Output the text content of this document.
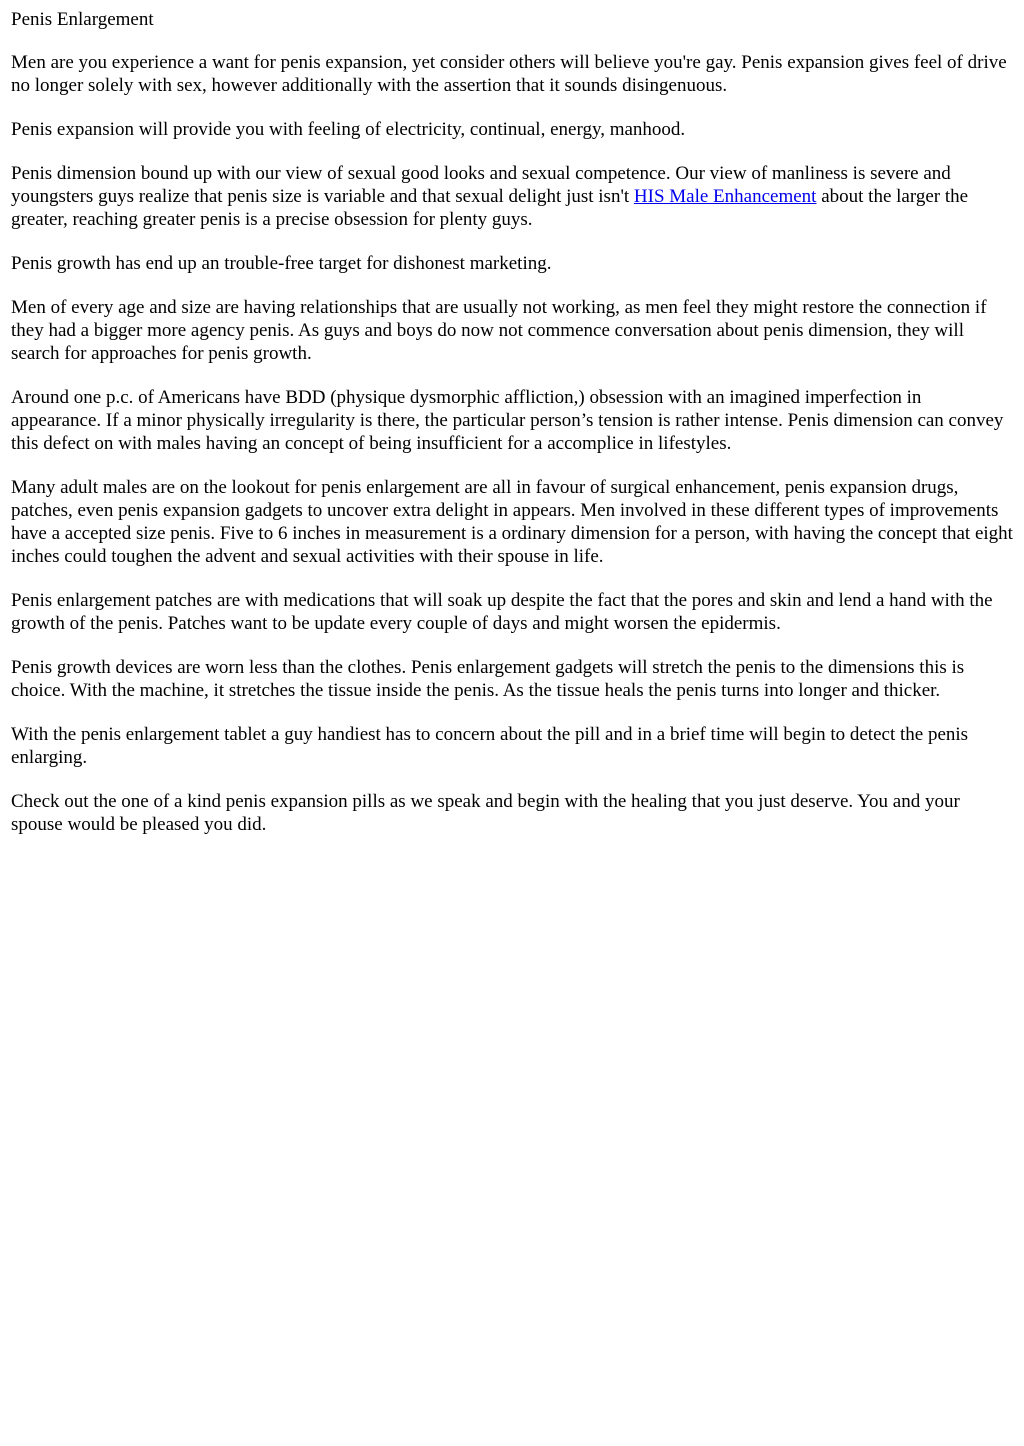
Penis Enlargement

Men are you experience a want for penis expansion, yet consider others will believe you're gay. Penis expansion gives feel of drive no longer solely with sex, however additionally with the assertion that it sounds disingenuous.

Penis expansion will provide you with feeling of electricity, continual, energy, manhood.

Penis dimension bound up with our view of sexual good looks and sexual competence. Our view of manliness is severe and youngsters guys realize that penis size is variable and that sexual delight just isn't HIS Male Enhancement about the larger the greater, reaching greater penis is a precise obsession for plenty guys.

Penis growth has end up an trouble-free target for dishonest marketing.

Men of every age and size are having relationships that are usually not working, as men feel they might restore the connection if they had a bigger more agency penis. As guys and boys do now not commence conversation about penis dimension, they will search for approaches for penis growth.

Around one p.c. of Americans have BDD (physique dysmorphic affliction,) obsession with an imagined imperfection in appearance. If a minor physically irregularity is there, the particular person’s tension is rather intense. Penis dimension can convey this defect on with males having an concept of being insufficient for a accomplice in lifestyles.

Many adult males are on the lookout for penis enlargement are all in favour of surgical enhancement, penis expansion drugs, patches, even penis expansion gadgets to uncover extra delight in appears. Men involved in these different types of improvements have a accepted size penis. Five to 6 inches in measurement is a ordinary dimension for a person, with having the concept that eight inches could toughen the advent and sexual activities with their spouse in life.

Penis enlargement patches are with medications that will soak up despite the fact that the pores and skin and lend a hand with the growth of the penis. Patches want to be update every couple of days and might worsen the epidermis.

Penis growth devices are worn less than the clothes. Penis enlargement gadgets will stretch the penis to the dimensions this is choice. With the machine, it stretches the tissue inside the penis. As the tissue heals the penis turns into longer and thicker.

With the penis enlargement tablet a guy handiest has to concern about the pill and in a brief time will begin to detect the penis enlarging.

Check out the one of a kind penis expansion pills as we speak and begin with the healing that you just deserve. You and your spouse would be pleased you did.
